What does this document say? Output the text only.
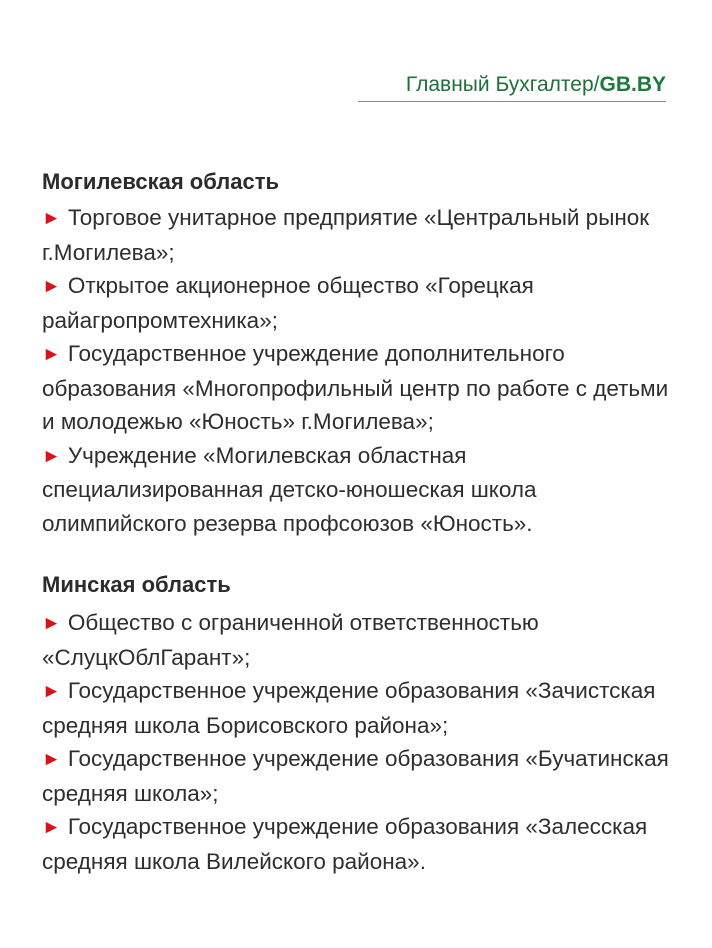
Главный Бухгалтер/GB.BY
Могилевская область

► Торговое унитарное предприятие «Центральный рынок г.Могилева»;

► Открытое акционерное общество «Горецкая райагропромтехника»;

► Государственное учреждение дополнительного образования «Многопрофильный центр по работе с детьми и молодежью «Юность» г.Могилева»;

► Учреждение «Могилевская областная специализированная детско-юношеская школа олимпийского резерва профсоюзов «Юность».

Минская область

► Общество с ограниченной ответственностью «СлуцкОблГарант»;

► Государственное учреждение образования «Зачистская средняя школа Борисовского района»;

► Государственное учреждение образования «Бучатинская средняя школа»;

► Государственное учреждение образования «Залесская средняя школа Вилейского района».
